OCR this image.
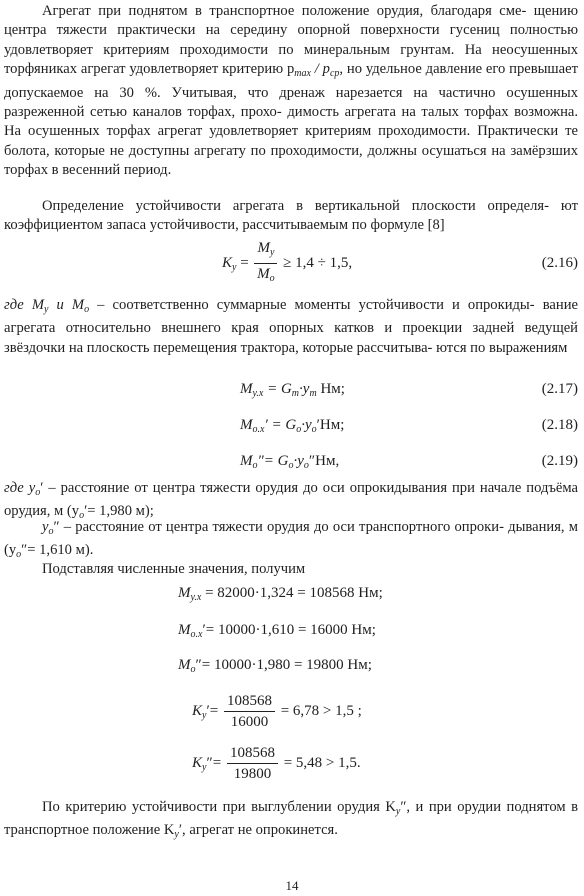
Агрегат при поднятом в транспортное положение орудия, благодаря сме- щению центра тяжести практически на середину опорной поверхности гусениц полностью удовлетворяет критериям проходимости по минеральным грунтам. На неосушенных торфяниках агрегат удовлетворяет критерию $p_{max} / p_{cp}$, но удельное давление его превышает допускаемое на 30 %. Учитывая, что дренаж нарезается на частично осушенных разреженной сетью каналов торфах, прохо- димость агрегата на талых торфах возможна. На осушенных торфах агрегат удовлетворяет критериям проходимости. Практически те болота, которые не доступны агрегату по проходимости, должны осушаться на замёрзших торфах в весенний период.
Определение устойчивости агрегата в вертикальной плоскости определя- ют коэффициентом запаса устойчивости, рассчитываемым по формуле [8]
$K_y = \frac{M_y}{M_o} \ge 1,4 \div 1,5$,	(2.16)
где $M_y$ и $M_o$ – соответственно суммарные моменты устойчивости и опрокиды- вание агрегата относительно внешнего края опорных катков и проекции задней ведущей звёздочки на плоскость перемещения трактора, которые рассчитыва- ются по выражениям
$M_{y.x} = G_m\cdot y_m$ Нм;	(2.17)
$M_{o.x}' = G_o\cdot y_o'Нм$;	(2.18)
$M_o''= G_o\cdot y_o''Нм$,	(2.19)
где $y_o'$ – расстояние от центра тяжести орудия до оси опрокидывания при начале подъёма орудия, м ($y_o'= 1,980$ м);
$y_o''$ – расстояние от центра тяжести орудия до оси транспортного опроки- дывания, м ($y_o''= 1,610$ м).
Подставляя численные значения, получим
$M_{y.x} = 82000\cdot 1,324 = 108568$ Нм;
$M_{o.x}'= 10000\cdot 1,610 = 16000$ Нм;
$M_o''= 10000\cdot 1,980 = 19800$ Нм;
$K_y'= \frac{108568}{16000} = 6,78 > 1,5$ ;
$K_y''= \frac{108568}{19800} = 5,48 > 1,5$.
По критерию устойчивости при выглублении орудия $K_y''$, и при орудии поднятом в транспортное положение $K_y'$, агрегат не опрокинется.
14
